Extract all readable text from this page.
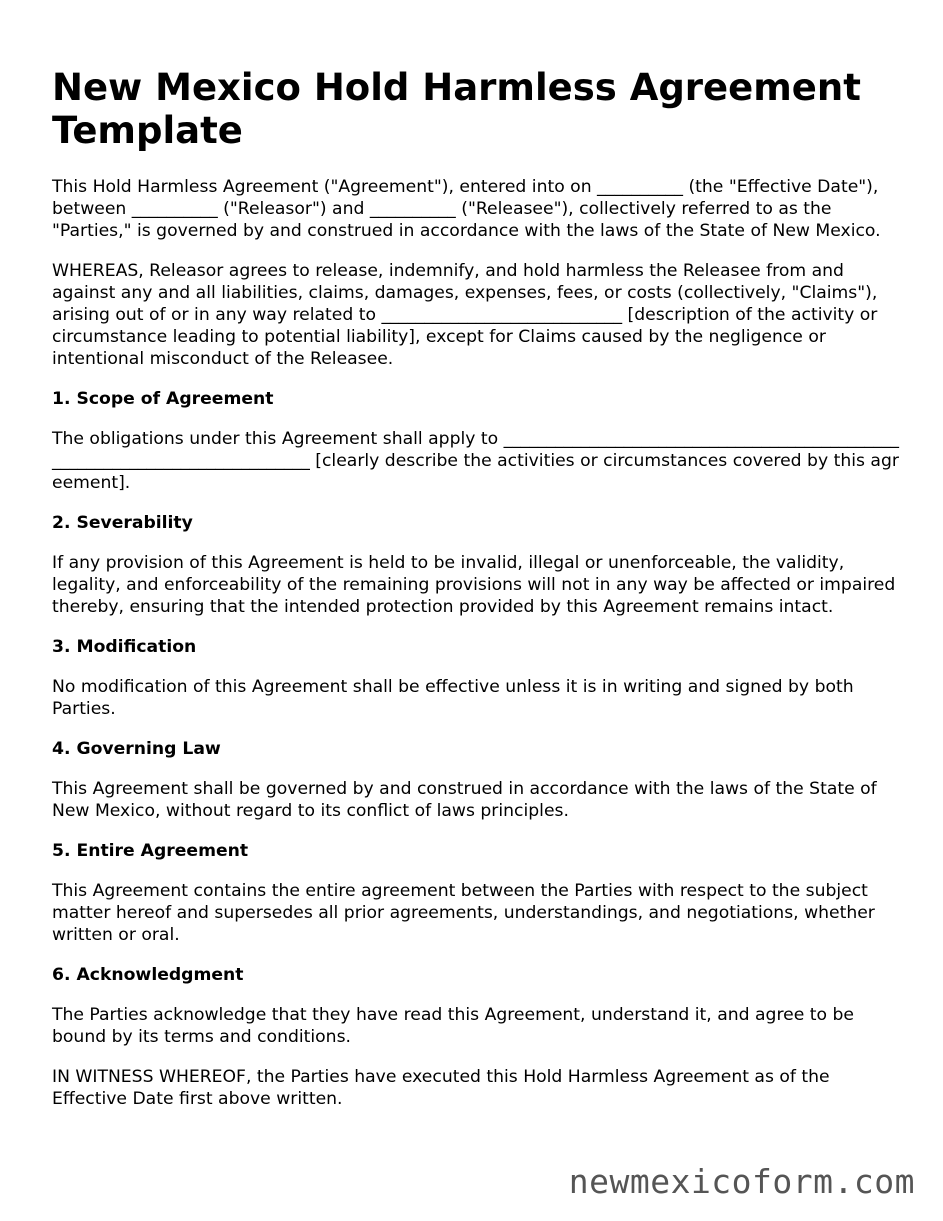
New Mexico Hold Harmless Agreement Template

This Hold Harmless Agreement ("Agreement"), entered into on __________ (the "Effective Date"), between __________ ("Releasor") and __________ ("Releasee"), collectively referred to as the "Parties," is governed by and construed in accordance with the laws of the State of New Mexico.

WHEREAS, Releasor agrees to release, indemnify, and hold harmless the Releasee from and against any and all liabilities, claims, damages, expenses, fees, or costs (collectively, "Claims"), arising out of or in any way related to ____________________________ [description of the activity or circumstance leading to potential liability], except for Claims caused by the negligence or intentional misconduct of the Releasee.

1. Scope of Agreement

The obligations under this Agreement shall apply to ____________________________________________________________________________ [clearly describe the activities or circumstances covered by this agreement].

2. Severability

If any provision of this Agreement is held to be invalid, illegal or unenforceable, the validity, legality, and enforceability of the remaining provisions will not in any way be affected or impaired thereby, ensuring that the intended protection provided by this Agreement remains intact.

3. Modification

No modification of this Agreement shall be effective unless it is in writing and signed by both Parties.

4. Governing Law

This Agreement shall be governed by and construed in accordance with the laws of the State of New Mexico, without regard to its conflict of laws principles.

5. Entire Agreement

This Agreement contains the entire agreement between the Parties with respect to the subject matter hereof and supersedes all prior agreements, understandings, and negotiations, whether written or oral.

6. Acknowledgment

The Parties acknowledge that they have read this Agreement, understand it, and agree to be bound by its terms and conditions.

IN WITNESS WHEREOF, the Parties have executed this Hold Harmless Agreement as of the Effective Date first above written.

newmexicoform.com
